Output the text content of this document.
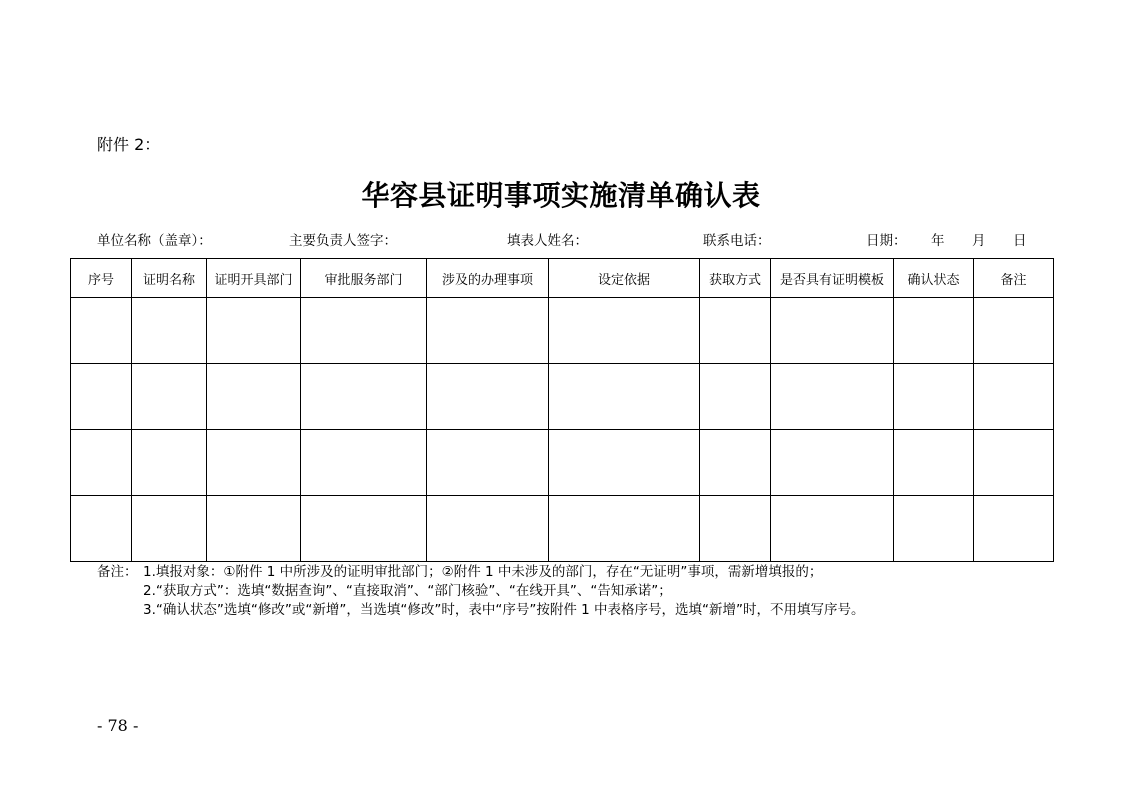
附件 2：
华容县证明事项实施清单确认表
单位名称（盖章）：	主要负责人签字：	填表人姓名：	联系电话：	日期： 年 月 日
序号	证明名称	证明开具部门	审批服务部门	涉及的办理事项	设定依据	获取方式	是否具有证明模板	确认状态	备注

备注： 1.填报对象：①附件 1 中所涉及的证明审批部门；②附件 1 中未涉及的部门，存在“无证明”事项，需新增填报的；
2.“获取方式”：选填“数据查询”、“直接取消”、“部门核验”、“在线开具”、“告知承诺”；
3.“确认状态”选填“修改”或“新增”，当选填“修改”时，表中“序号”按附件 1 中表格序号，选填“新增”时，不用填写序号。
- 78 -
